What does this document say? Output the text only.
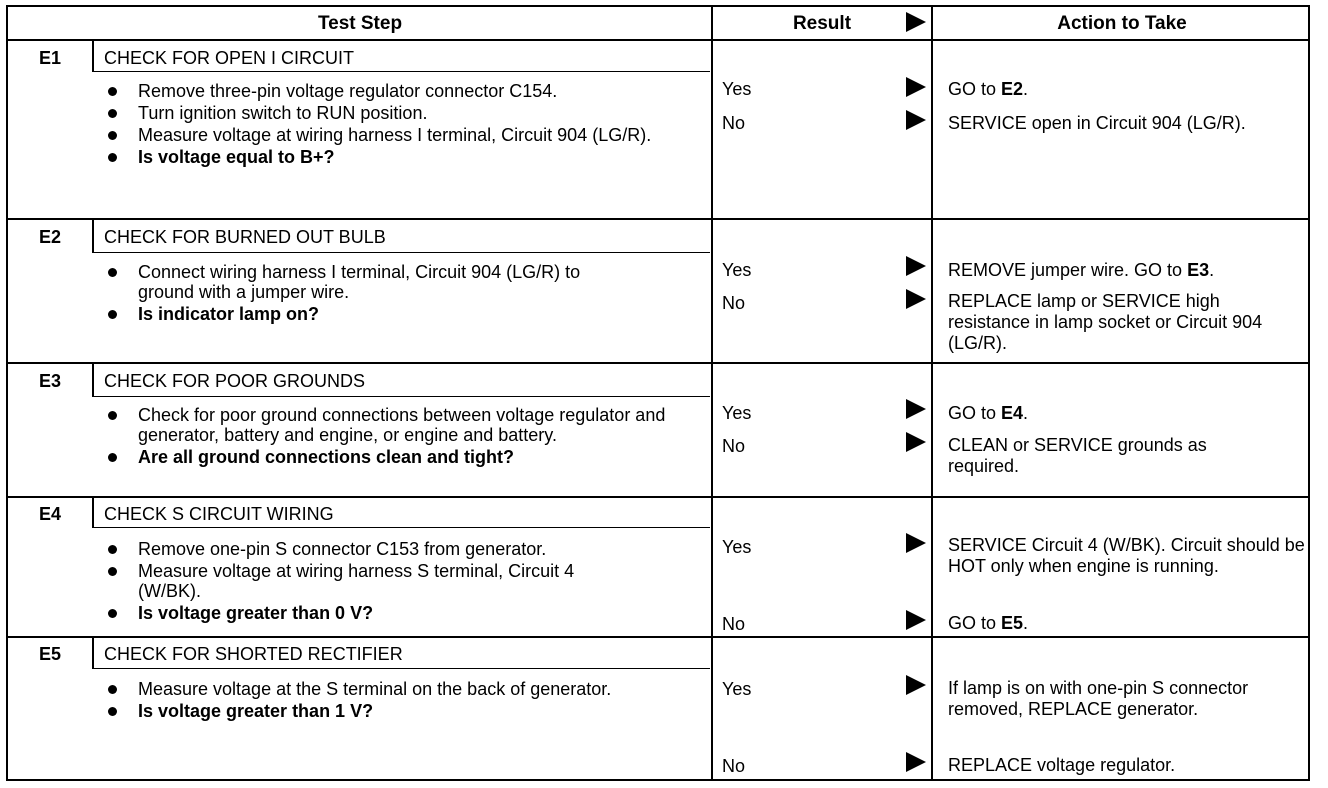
Test Step	Result	Action to Take
E1	CHECK FOR OPEN I CIRCUIT
Remove three-pin voltage regulator connector C154.
Turn ignition switch to RUN position.
Measure voltage at wiring harness I terminal, Circuit 904 (LG/R).
Is voltage equal to B+?
Yes	GO to E2.
No	SERVICE open in Circuit 904 (LG/R).
E2	CHECK FOR BURNED OUT BULB
Connect wiring harness I terminal, Circuit 904 (LG/R) to ground with a jumper wire.
Is indicator lamp on?
Yes	REMOVE jumper wire. GO to E3.
No	REPLACE lamp or SERVICE high resistance in lamp socket or Circuit 904 (LG/R).
E3	CHECK FOR POOR GROUNDS
Check for poor ground connections between voltage regulator and generator, battery and engine, or engine and battery.
Are all ground connections clean and tight?
Yes	GO to E4.
No	CLEAN or SERVICE grounds as required.
E4	CHECK S CIRCUIT WIRING
Remove one-pin S connector C153 from generator.
Measure voltage at wiring harness S terminal, Circuit 4 (W/BK).
Is voltage greater than 0 V?
Yes	SERVICE Circuit 4 (W/BK). Circuit should be HOT only when engine is running.
No	GO to E5.
E5	CHECK FOR SHORTED RECTIFIER
Measure voltage at the S terminal on the back of generator.
Is voltage greater than 1 V?
Yes	If lamp is on with one-pin S connector removed, REPLACE generator.
No	REPLACE voltage regulator.
